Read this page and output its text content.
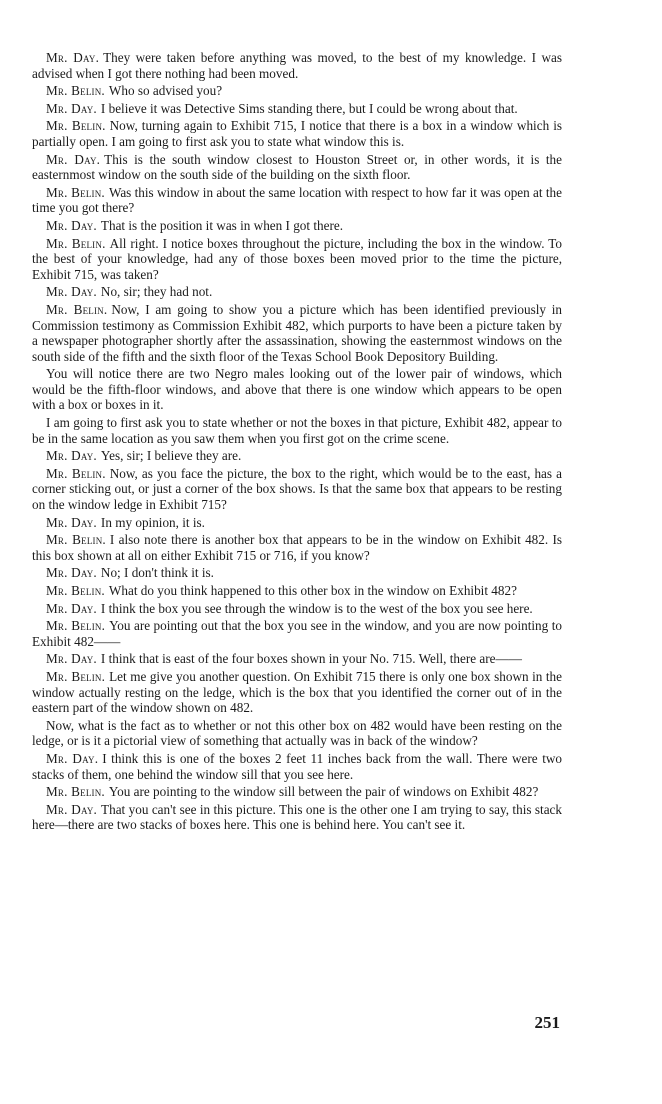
Mr. Day. They were taken before anything was moved, to the best of my knowledge. I was advised when I got there nothing had been moved.

Mr. Belin. Who so advised you?

Mr. Day. I believe it was Detective Sims standing there, but I could be wrong about that.

Mr. Belin. Now, turning again to Exhibit 715, I notice that there is a box in a window which is partially open. I am going to first ask you to state what window this is.

Mr. Day. This is the south window closest to Houston Street or, in other words, it is the easternmost window on the south side of the building on the sixth floor.

Mr. Belin. Was this window in about the same location with respect to how far it was open at the time you got there?

Mr. Day. That is the position it was in when I got there.

Mr. Belin. All right. I notice boxes throughout the picture, including the box in the window. To the best of your knowledge, had any of those boxes been moved prior to the time the picture, Exhibit 715, was taken?

Mr. Day. No, sir; they had not.

Mr. Belin. Now, I am going to show you a picture which has been identified previously in Commission testimony as Commission Exhibit 482, which purports to have been a picture taken by a newspaper photographer shortly after the assassination, showing the easternmost windows on the south side of the fifth and the sixth floor of the Texas School Book Depository Building.

You will notice there are two Negro males looking out of the lower pair of windows, which would be the fifth-floor windows, and above that there is one window which appears to be open with a box or boxes in it.

I am going to first ask you to state whether or not the boxes in that picture, Exhibit 482, appear to be in the same location as you saw them when you first got on the crime scene.

Mr. Day. Yes, sir; I believe they are.

Mr. Belin. Now, as you face the picture, the box to the right, which would be to the east, has a corner sticking out, or just a corner of the box shows. Is that the same box that appears to be resting on the window ledge in Exhibit 715?

Mr. Day. In my opinion, it is.

Mr. Belin. I also note there is another box that appears to be in the window on Exhibit 482. Is this box shown at all on either Exhibit 715 or 716, if you know?

Mr. Day. No; I don't think it is.

Mr. Belin. What do you think happened to this other box in the window on Exhibit 482?

Mr. Day. I think the box you see through the window is to the west of the box you see here.

Mr. Belin. You are pointing out that the box you see in the window, and you are now pointing to Exhibit 482——

Mr. Day. I think that is east of the four boxes shown in your No. 715. Well, there are——

Mr. Belin. Let me give you another question. On Exhibit 715 there is only one box shown in the window actually resting on the ledge, which is the box that you identified the corner out of in the eastern part of the window shown on 482.

Now, what is the fact as to whether or not this other box on 482 would have been resting on the ledge, or is it a pictorial view of something that actually was in back of the window?

Mr. Day. I think this is one of the boxes 2 feet 11 inches back from the wall. There were two stacks of them, one behind the window sill that you see here.

Mr. Belin. You are pointing to the window sill between the pair of windows on Exhibit 482?

Mr. Day. That you can't see in this picture. This one is the other one I am trying to say, this stack here—there are two stacks of boxes here. This one is behind here. You can't see it.

251
